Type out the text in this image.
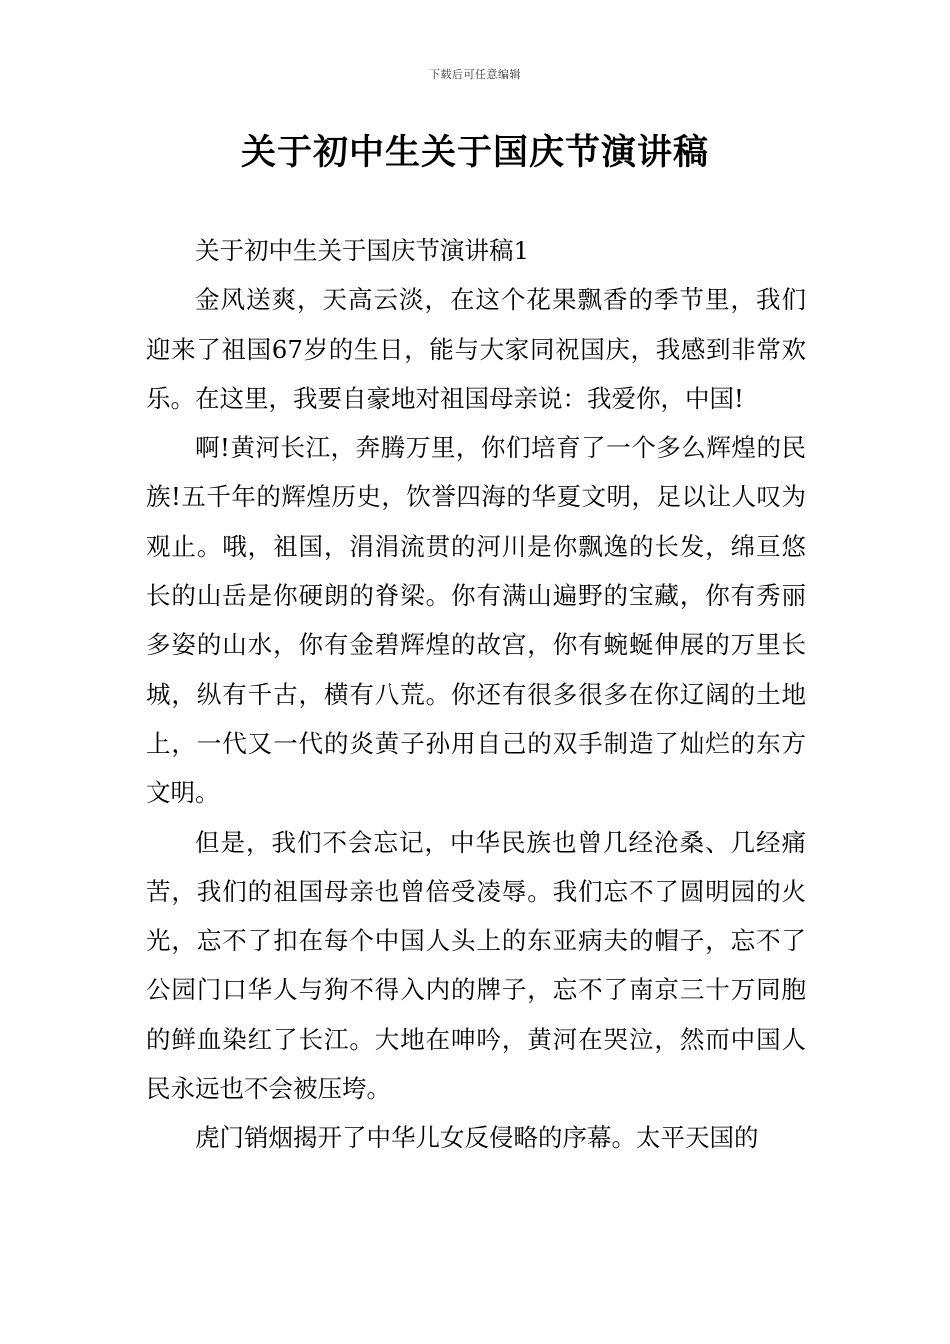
下载后可任意编辑
关于初中生关于国庆节演讲稿

关于初中生关于国庆节演讲稿1

金风送爽，天高云淡，在这个花果飘香的季节里，我们迎来了祖国67岁的生日，能与大家同祝国庆，我感到非常欢乐。在这里，我要自豪地对祖国母亲说：我爱你，中国!

啊!黄河长江，奔腾万里，你们培育了一个多么辉煌的民族!五千年的辉煌历史，饮誉四海的华夏文明，足以让人叹为观止。哦，祖国，涓涓流贯的河川是你飘逸的长发，绵亘悠长的山岳是你硬朗的脊梁。你有满山遍野的宝藏，你有秀丽多姿的山水，你有金碧辉煌的故宫，你有蜿蜒伸展的万里长城，纵有千古，横有八荒。你还有很多很多在你辽阔的土地上，一代又一代的炎黄子孙用自己的双手制造了灿烂的东方文明。

但是，我们不会忘记，中华民族也曾几经沧桑、几经痛苦，我们的祖国母亲也曾倍受凌辱。我们忘不了圆明园的火光，忘不了扣在每个中国人头上的东亚病夫的帽子，忘不了公园门口华人与狗不得入内的牌子，忘不了南京三十万同胞的鲜血染红了长江。大地在呻吟，黄河在哭泣，然而中国人民永远也不会被压垮。

虎门销烟揭开了中华儿女反侵略的序幕。太平天国的
